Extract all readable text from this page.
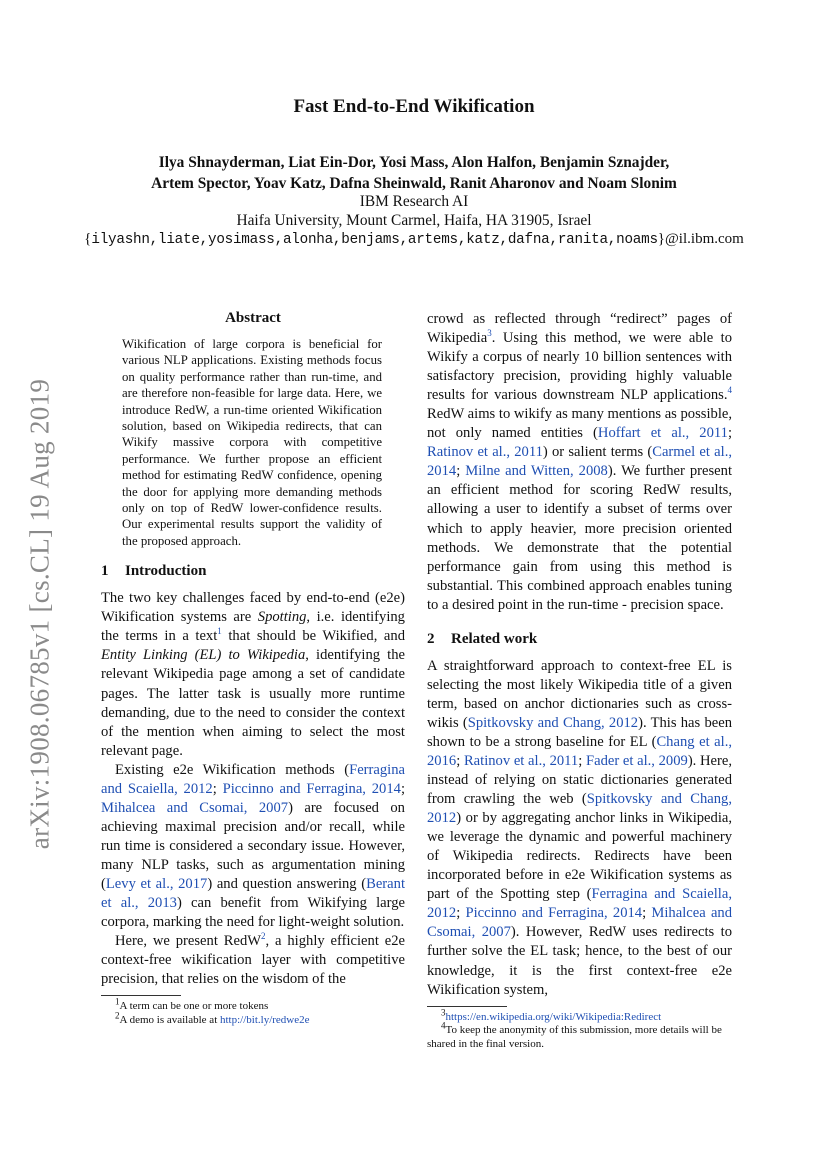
arXiv:1908.06785v1 [cs.CL] 19 Aug 2019
Fast End-to-End Wikification
Ilya Shnayderman, Liat Ein-Dor, Yosi Mass, Alon Halfon, Benjamin Sznajder,
Artem Spector, Yoav Katz, Dafna Sheinwald, Ranit Aharonov and Noam Slonim
IBM Research AI
Haifa University, Mount Carmel, Haifa, HA 31905, Israel
{ilyashn,liate,yosimass,alonha,benjams,artems,katz,dafna,ranita,noams}@il.ibm.com
Abstract

Wikification of large corpora is beneficial for various NLP applications. Existing methods focus on quality performance rather than run-time, and are therefore non-feasible for large data. Here, we introduce RedW, a run-time oriented Wikification solution, based on Wikipedia redirects, that can Wikify massive corpora with competitive performance. We further propose an efficient method for estimating RedW confidence, opening the door for applying more demanding methods only on top of RedW lower-confidence results. Our experimental results support the validity of the proposed approach.

1 Introduction

The two key challenges faced by end-to-end (e2e) Wikification systems are Spotting, i.e. identifying the terms in a text$^1$ that should be Wikified, and Entity Linking (EL) to Wikipedia, identifying the relevant Wikipedia page among a set of candidate pages. The latter task is usually more runtime demanding, due to the need to consider the context of the mention when aiming to select the most relevant page.

Existing e2e Wikification methods (Ferragina and Scaiella, 2012; Piccinno and Ferragina, 2014; Mihalcea and Csomai, 2007) are focused on achieving maximal precision and/or recall, while run time is considered a secondary issue. However, many NLP tasks, such as argumentation mining (Levy et al., 2017) and question answering (Berant et al., 2013) can benefit from Wikifying large corpora, marking the need for light-weight solution.

Here, we present RedW$^2$, a highly efficient e2e context-free wikification layer with competitive precision, that relies on the wisdom of the

$^1$A term can be one or more tokens

$^2$A demo is available at http://bit.ly/redwe2e

crowd as reflected through “redirect” pages of Wikipedia$^3$. Using this method, we were able to Wikify a corpus of nearly 10 billion sentences with satisfactory precision, providing highly valuable results for various downstream NLP applications.$^4$ RedW aims to wikify as many mentions as possible, not only named entities (Hoffart et al., 2011; Ratinov et al., 2011) or salient terms (Carmel et al., 2014; Milne and Witten, 2008). We further present an efficient method for scoring RedW results, allowing a user to identify a subset of terms over which to apply heavier, more precision oriented methods. We demonstrate that the potential performance gain from using this method is substantial. This combined approach enables tuning to a desired point in the run-time - precision space.

2 Related work

A straightforward approach to context-free EL is selecting the most likely Wikipedia title of a given term, based on anchor dictionaries such as cross-wikis (Spitkovsky and Chang, 2012). This has been shown to be a strong baseline for EL (Chang et al., 2016; Ratinov et al., 2011; Fader et al., 2009). Here, instead of relying on static dictionaries generated from crawling the web (Spitkovsky and Chang, 2012) or by aggregating anchor links in Wikipedia, we leverage the dynamic and powerful machinery of Wikipedia redirects. Redirects have been incorporated before in e2e Wikification systems as part of the Spotting step (Ferragina and Scaiella, 2012; Piccinno and Ferragina, 2014; Mihalcea and Csomai, 2007). However, RedW uses redirects to further solve the EL task; hence, to the best of our knowledge, it is the first context-free e2e Wikification system,

$^3$https://en.wikipedia.org/wiki/Wikipedia:Redirect

$^4$To keep the anonymity of this submission, more details will be shared in the final version.
